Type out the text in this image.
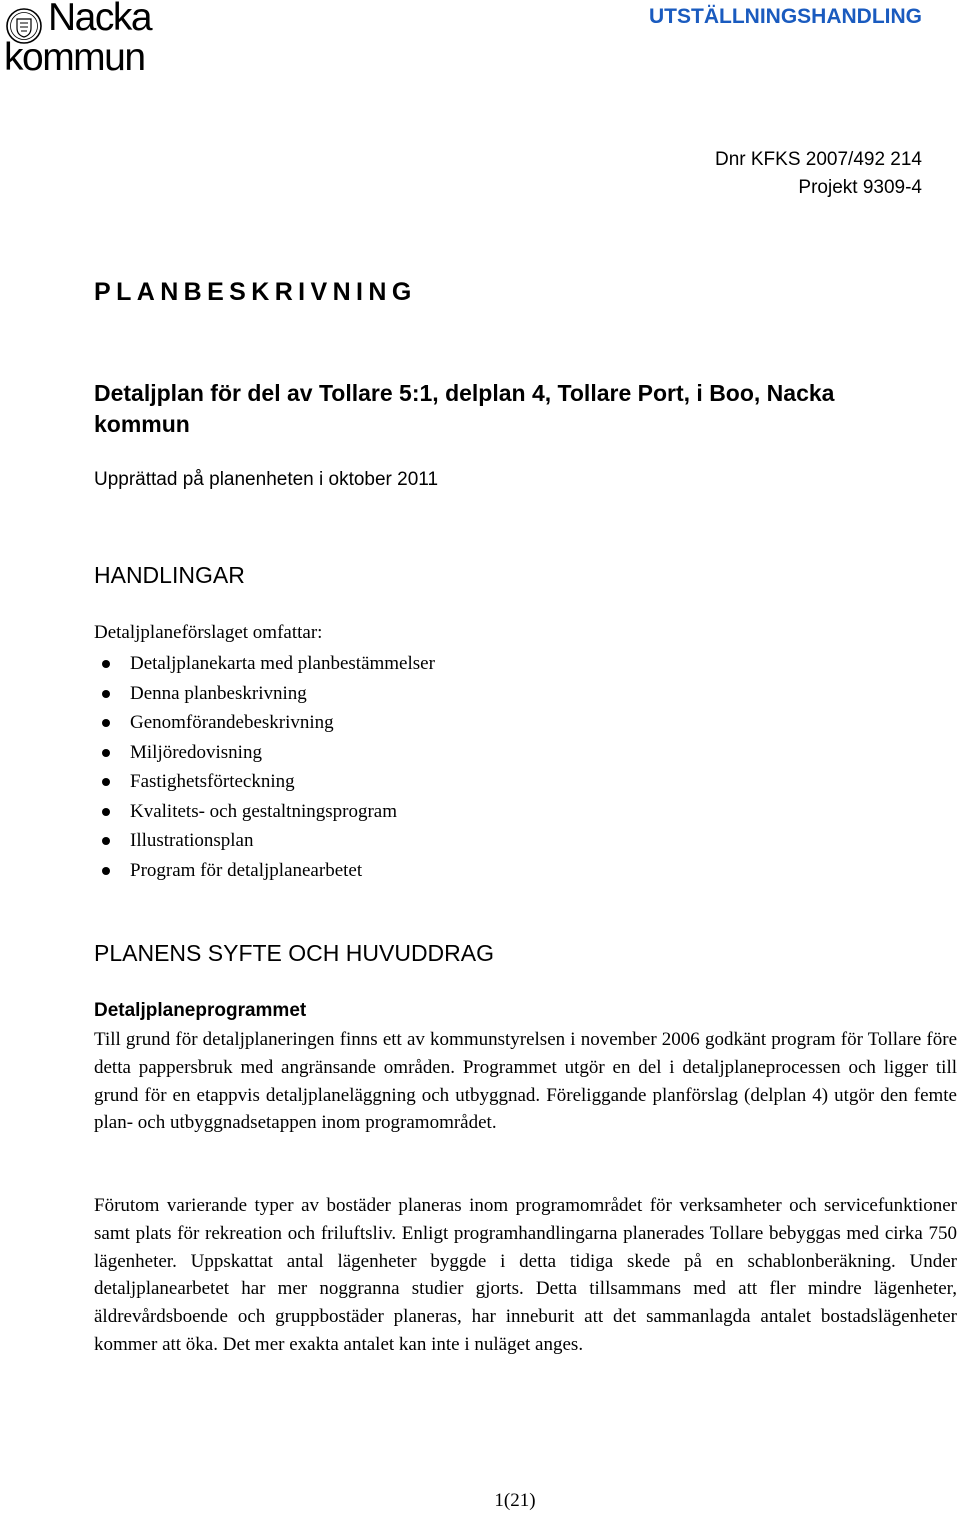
Nacka
kommun
UTSTÄLLNINGSHANDLING
Dnr KFKS 2007/492 214
Projekt 9309-4
PLANBESKRIVNING
Detaljplan för del av Tollare 5:1, delplan 4, Tollare Port, i Boo, Nacka kommun
Upprättad på planenheten i oktober 2011
HANDLINGAR
Detaljplaneförslaget omfattar:
Detaljplanekarta med planbestämmelser
Denna planbeskrivning
Genomförandebeskrivning
Miljöredovisning
Fastighetsförteckning
Kvalitets- och gestaltningsprogram
Illustrationsplan
Program för detaljplanearbetet
PLANENS SYFTE OCH HUVUDDRAG
Detaljplaneprogrammet

Till grund för detaljplaneringen finns ett av kommunstyrelsen i november 2006 godkänt program för Tollare före detta pappersbruk med angränsande områden. Programmet utgör en del i detaljplaneprocessen och ligger till grund för en etappvis detaljplaneläggning och utbyggnad. Föreliggande planförslag (delplan 4) utgör den femte plan- och utbyggnadsetappen inom programområdet.

Förutom varierande typer av bostäder planeras inom programområdet för verksamheter och servicefunktioner samt plats för rekreation och friluftsliv. Enligt programhandlingarna planerades Tollare bebyggas med cirka 750 lägenheter. Uppskattat antal lägenheter byggde i detta tidiga skede på en schablonberäkning. Under detaljplanearbetet har mer noggranna studier gjorts. Detta tillsammans med att fler mindre lägenheter, äldrevårdsboende och gruppbostäder planeras, har inneburit att det sammanlagda antalet bostadslägenheter kommer att öka. Det mer exakta antalet kan inte i nuläget anges.

1(21)
